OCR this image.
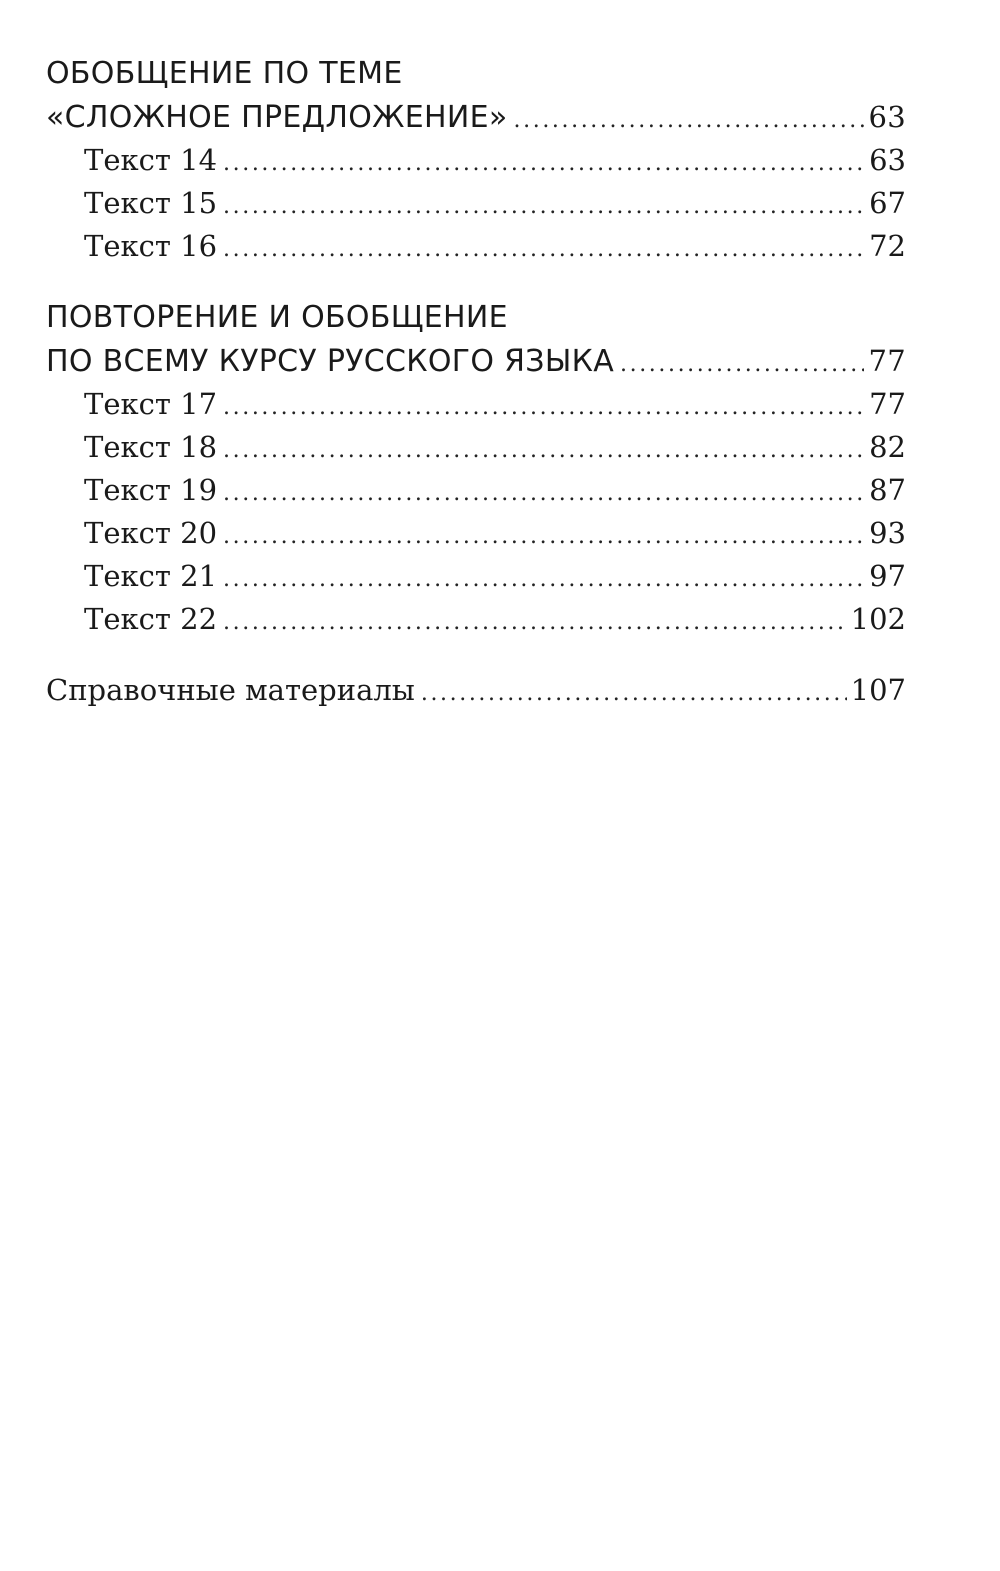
ОБОБЩЕНИЕ ПО ТЕМЕ
«СЛОЖНОЕ ПРЕДЛОЖЕНИЕ» .....	63
Текст 14 .....	63
Текст 15 .....	67
Текст 16 .....	72
ПОВТОРЕНИЕ И ОБОБЩЕНИЕ
ПО ВСЕМУ КУРСУ РУССКОГО ЯЗЫКА .....	77
Текст 17 .....	77
Текст 18 .....	82
Текст 19 .....	87
Текст 20 .....	93
Текст 21 .....	97
Текст 22 .....	102
Справочные материалы .....	107
